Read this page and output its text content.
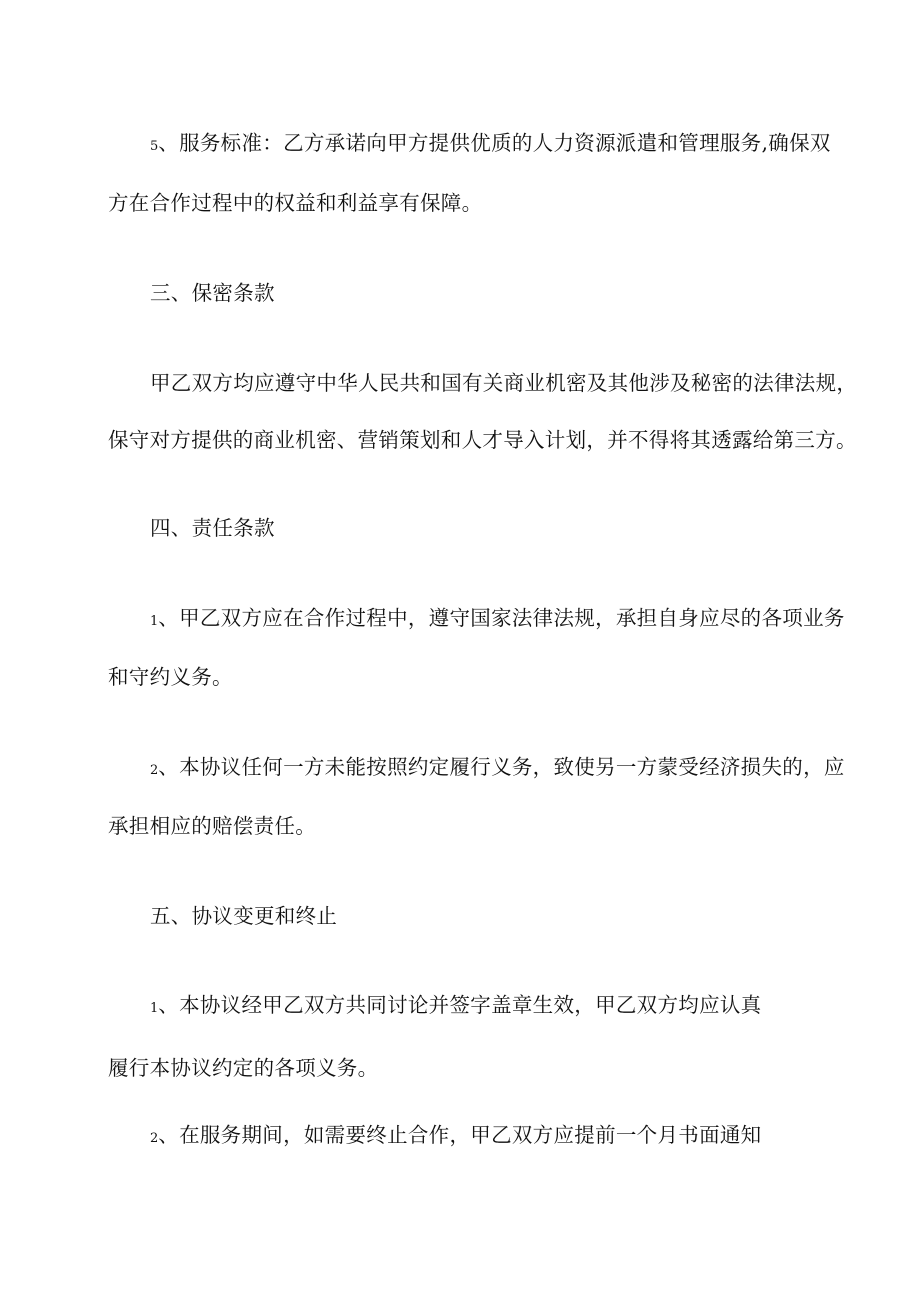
5、服务标准：乙方承诺向甲方提供优质的人力资源派遣和管理服务,确保双
方在合作过程中的权益和利益享有保障。
三、保密条款
甲乙双方均应遵守中华人民共和国有关商业机密及其他涉及秘密的法律法规，
保守对方提供的商业机密、营销策划和人才导入计划，并不得将其透露给第三方。
四、责任条款
1、甲乙双方应在合作过程中，遵守国家法律法规，承担自身应尽的各项业务
和守约义务。
2、本协议任何一方未能按照约定履行义务，致使另一方蒙受经济损失的，应
承担相应的赔偿责任。
五、协议变更和终止
1、本协议经甲乙双方共同讨论并签字盖章生效，甲乙双方均应认真
履行本协议约定的各项义务。
2、在服务期间，如需要终止合作，甲乙双方应提前一个月书面通知
